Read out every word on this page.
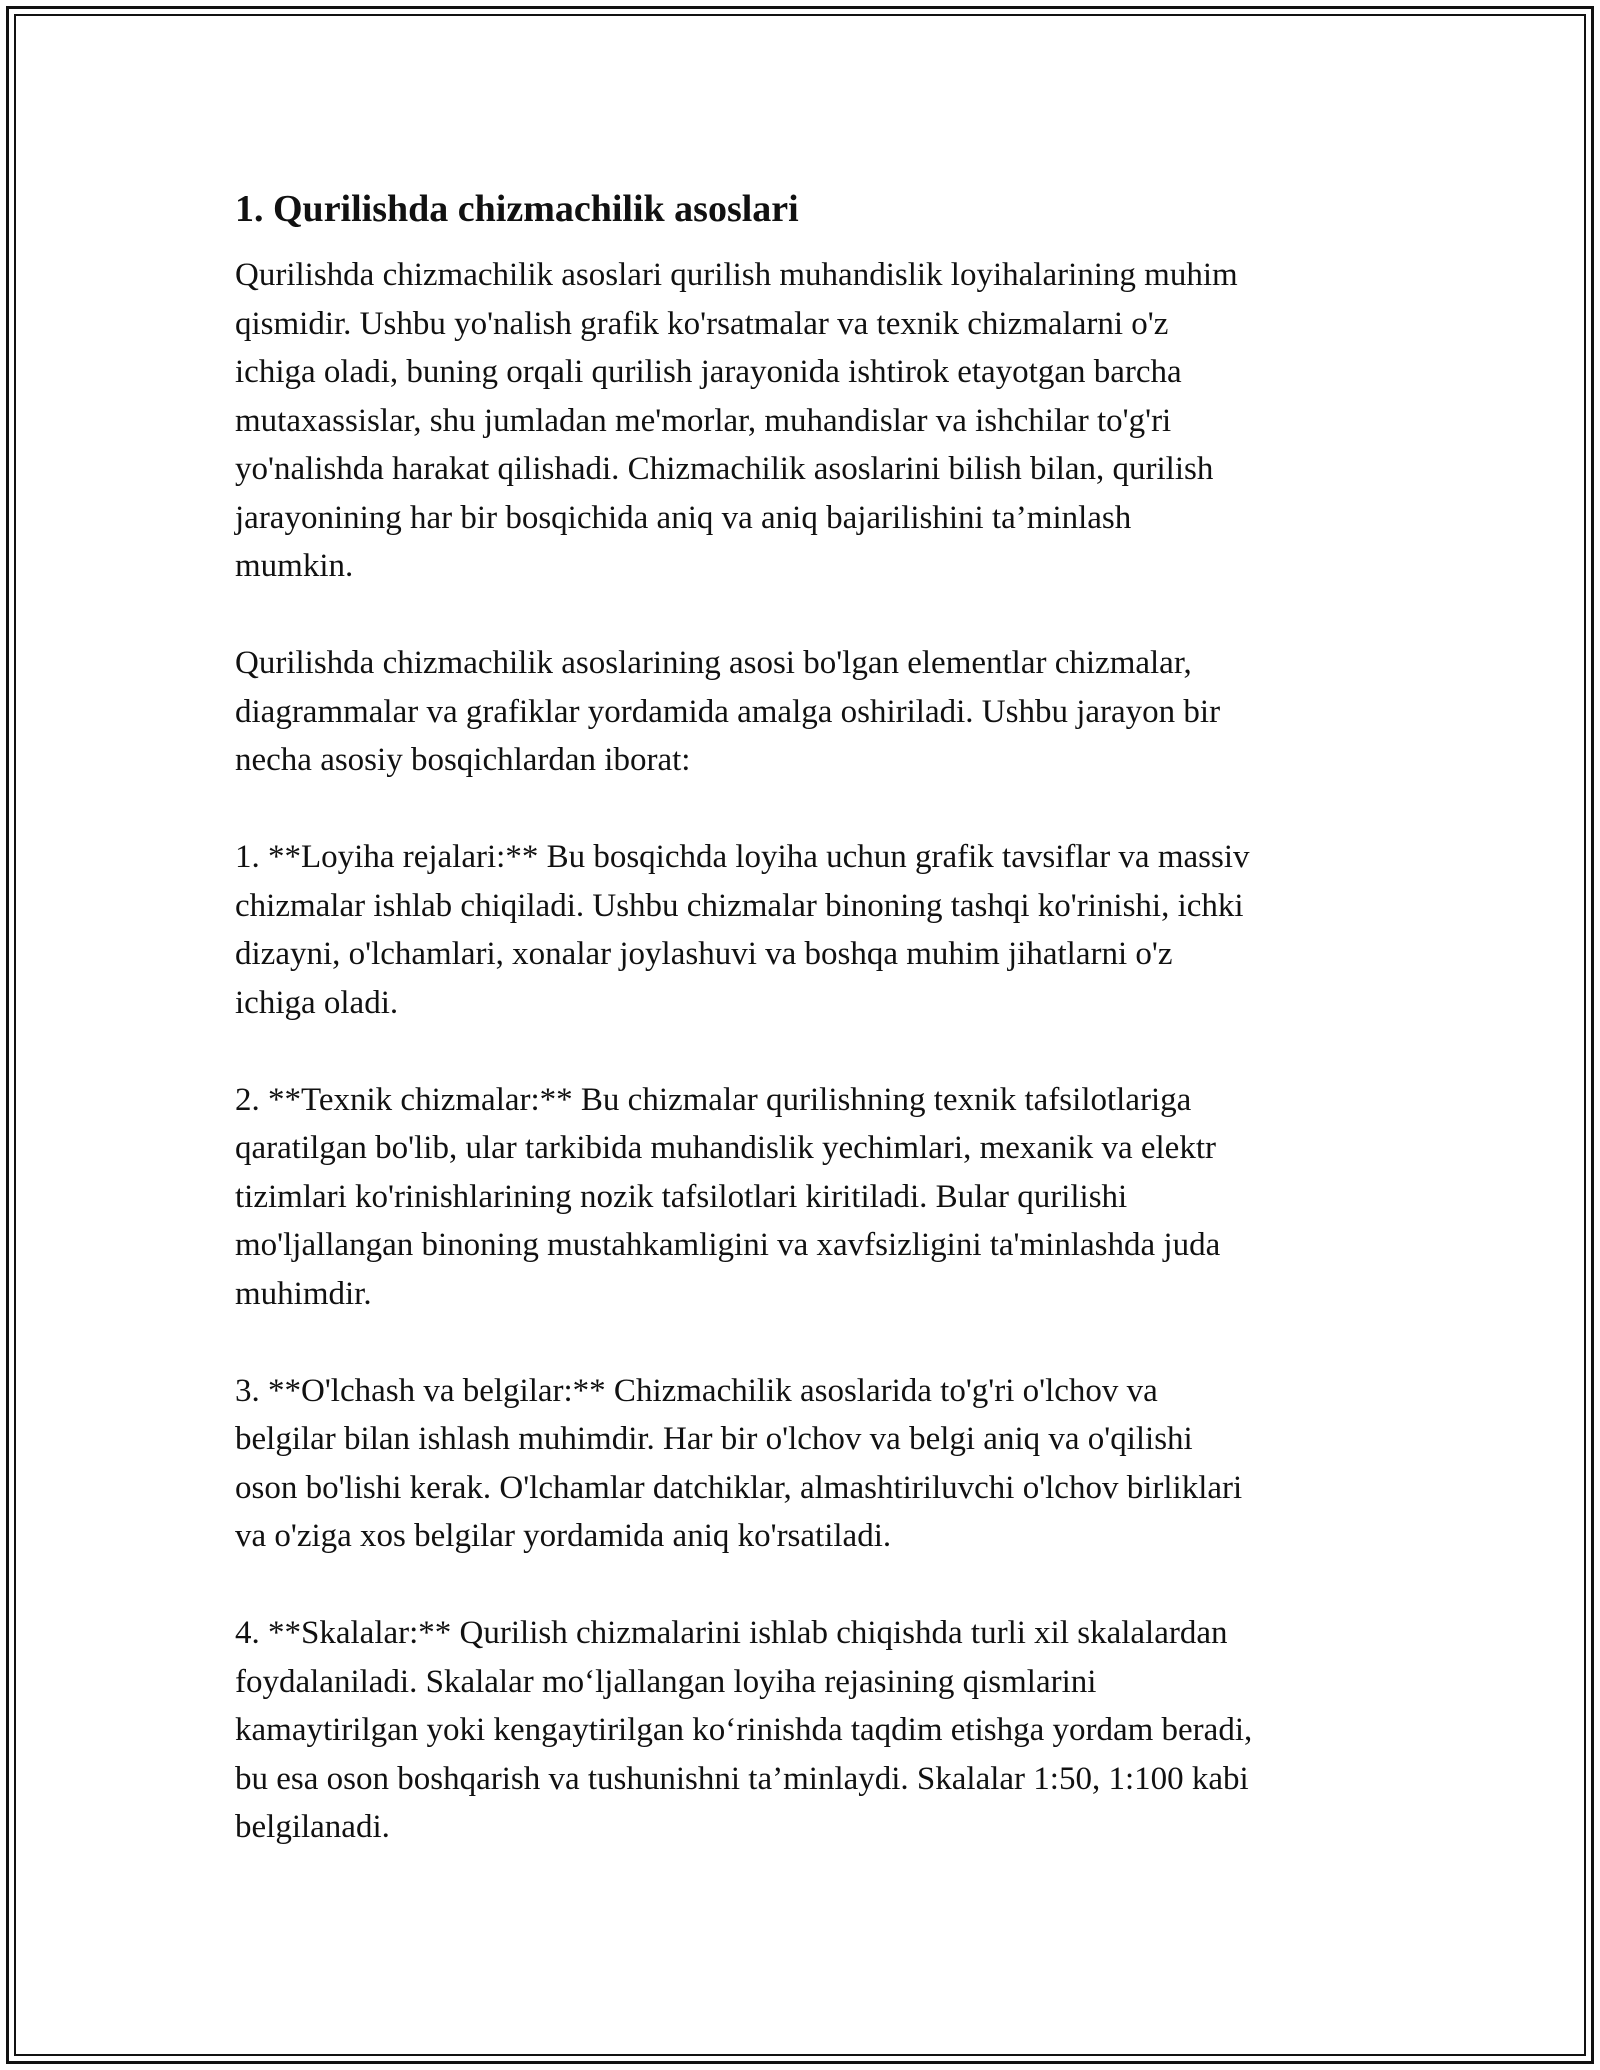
1. Qurilishda chizmachilik asoslari

Qurilishda chizmachilik asoslari qurilish muhandislik loyihalarining muhim
qismidir. Ushbu yo'nalish grafik ko'rsatmalar va texnik chizmalarni o'z
ichiga oladi, buning orqali qurilish jarayonida ishtirok etayotgan barcha
mutaxassislar, shu jumladan me'morlar, muhandislar va ishchilar to'g'ri
yo'nalishda harakat qilishadi. Chizmachilik asoslarini bilish bilan, qurilish
jarayonining har bir bosqichida aniq va aniq bajarilishini ta’minlash
mumkin.

Qurilishda chizmachilik asoslarining asosi bo'lgan elementlar chizmalar,
diagrammalar va grafiklar yordamida amalga oshiriladi. Ushbu jarayon bir
necha asosiy bosqichlardan iborat:

1. **Loyiha rejalari:** Bu bosqichda loyiha uchun grafik tavsiflar va massiv
chizmalar ishlab chiqiladi. Ushbu chizmalar binoning tashqi ko'rinishi, ichki
dizayni, o'lchamlari, xonalar joylashuvi va boshqa muhim jihatlarni o'z
ichiga oladi.

2. **Texnik chizmalar:** Bu chizmalar qurilishning texnik tafsilotlariga
qaratilgan bo'lib, ular tarkibida muhandislik yechimlari, mexanik va elektr
tizimlari ko'rinishlarining nozik tafsilotlari kiritiladi. Bular qurilishi
mo'ljallangan binoning mustahkamligini va xavfsizligini ta'minlashda juda
muhimdir.

3. **O'lchash va belgilar:** Chizmachilik asoslarida to'g'ri o'lchov va
belgilar bilan ishlash muhimdir. Har bir o'lchov va belgi aniq va o'qilishi
oson bo'lishi kerak. O'lchamlar datchiklar, almashtiriluvchi o'lchov birliklari
va o'ziga xos belgilar yordamida aniq ko'rsatiladi.

4. **Skalalar:** Qurilish chizmalarini ishlab chiqishda turli xil skalalardan
foydalaniladi. Skalalar mo‘ljallangan loyiha rejasining qismlarini
kamaytirilgan yoki kengaytirilgan ko‘rinishda taqdim etishga yordam beradi,
bu esa oson boshqarish va tushunishni ta’minlaydi. Skalalar 1:50, 1:100 kabi
belgilanadi.
